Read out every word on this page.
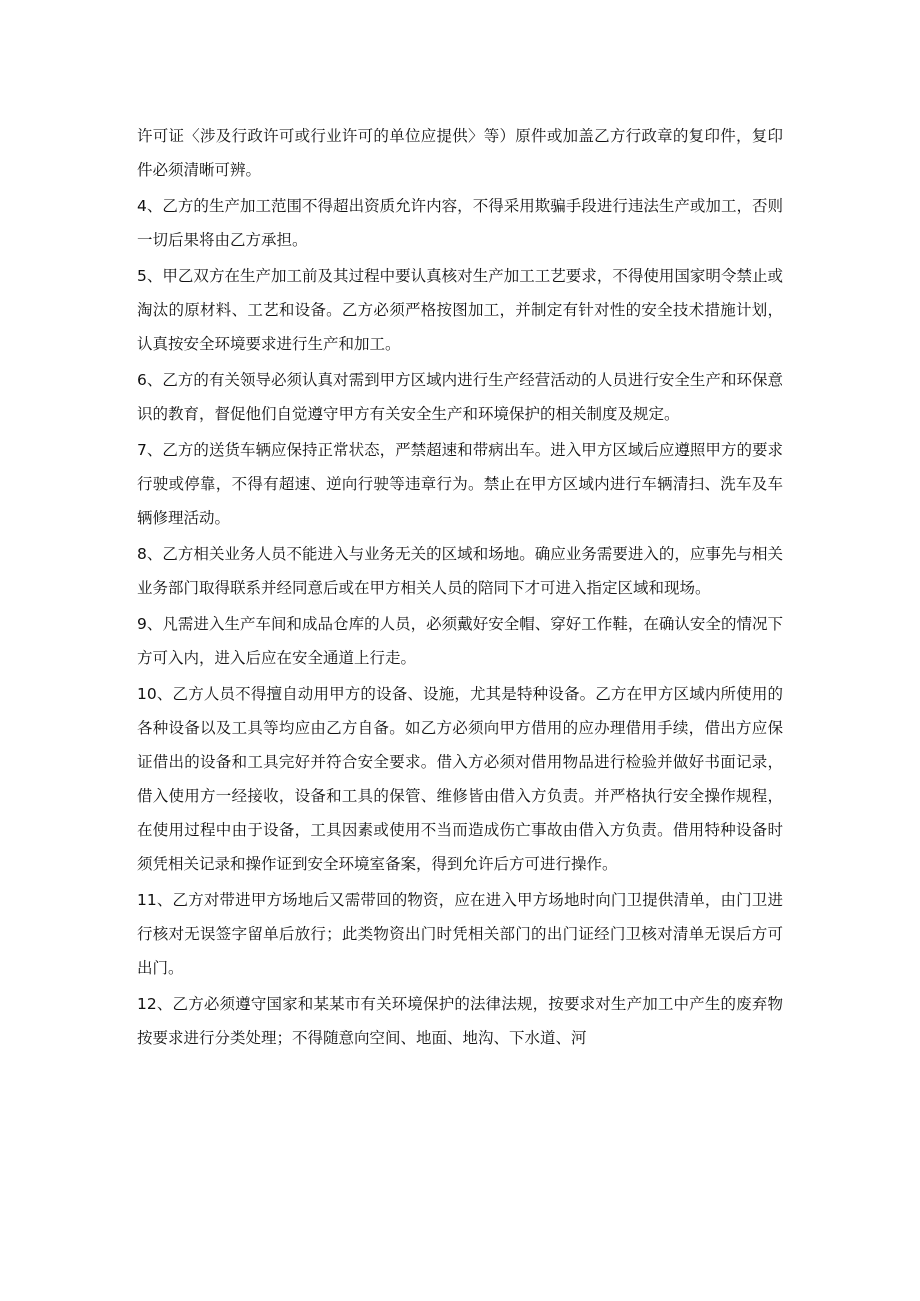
许可证〈涉及行政许可或行业许可的单位应提供〉等）原件或加盖乙方行政章的复印件，复印件必须清晰可辨。

4、乙方的生产加工范围不得超出资质允许内容，不得采用欺骗手段进行违法生产或加工，否则一切后果将由乙方承担。

5、甲乙双方在生产加工前及其过程中要认真核对生产加工工艺要求，不得使用国家明令禁止或淘汰的原材料、工艺和设备。乙方必须严格按图加工，并制定有针对性的安全技术措施计划，认真按安全环境要求进行生产和加工。

6、乙方的有关领导必须认真对需到甲方区域内进行生产经营活动的人员进行安全生产和环保意识的教育，督促他们自觉遵守甲方有关安全生产和环境保护的相关制度及规定。

7、乙方的送货车辆应保持正常状态，严禁超速和带病出车。进入甲方区域后应遵照甲方的要求行驶或停靠，不得有超速、逆向行驶等违章行为。禁止在甲方区域内进行车辆清扫、洗车及车辆修理活动。

8、乙方相关业务人员不能进入与业务无关的区域和场地。确应业务需要进入的，应事先与相关业务部门取得联系并经同意后或在甲方相关人员的陪同下才可进入指定区域和现场。

9、凡需进入生产车间和成品仓库的人员，必须戴好安全帽、穿好工作鞋，在确认安全的情况下方可入内，进入后应在安全通道上行走。

10、乙方人员不得擅自动用甲方的设备、设施，尤其是特种设备。乙方在甲方区域内所使用的各种设备以及工具等均应由乙方自备。如乙方必须向甲方借用的应办理借用手续，借出方应保证借出的设备和工具完好并符合安全要求。借入方必须对借用物品进行检验并做好书面记录，借入使用方一经接收，设备和工具的保管、维修皆由借入方负责。并严格执行安全操作规程，在使用过程中由于设备，工具因素或使用不当而造成伤亡事故由借入方负责。借用特种设备时须凭相关记录和操作证到安全环境室备案，得到允许后方可进行操作。

11、乙方对带进甲方场地后又需带回的物资，应在进入甲方场地时向门卫提供清单，由门卫进行核对无误签字留单后放行；此类物资出门时凭相关部门的出门证经门卫核对清单无误后方可出门。

12、乙方必须遵守国家和某某市有关环境保护的法律法规，按要求对生产加工中产生的废弃物按要求进行分类处理；不得随意向空间、地面、地沟、下水道、河
